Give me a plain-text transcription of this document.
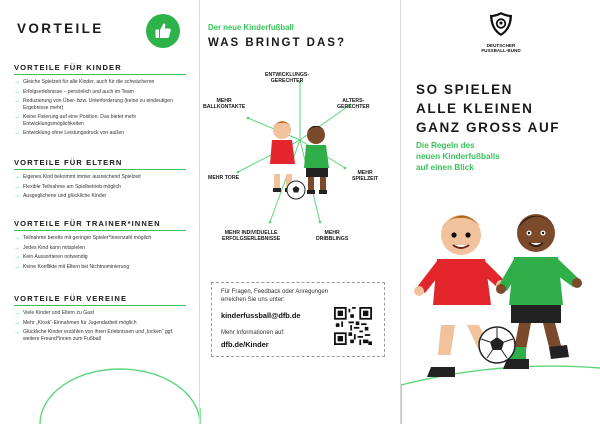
VORTEILE
VORTEILE FÜR KINDER
→ Gleiche Spielzeit für alle Kinder, auch für die schwächeren
→ Erfolgserlebnisse – persönlich und auch im Team
→ Reduzierung von Über- bzw. Unterforderung (keine zu eindeutigen Ergebnisse mehr)
→ Keine Fixierung auf eine Position. Das bietet mehr Entwicklungsmöglichkeiten
→ Entwicklung ohne Leistungsdruck von außen
VORTEILE FÜR ELTERN
→ Eigenes Kind bekommt immer ausreichend Spielzeit
→ Flexible Teilnahme am Spielbetrieb möglich
→ Ausgeglichene und glückliche Kinder
VORTEILE FÜR TRAINER*INNEN
→ Teilnahme bereits mit geringer Spieler*innenzahl möglich
→ Jedes Kind kann mitspielen
→ Kein Aussortieren notwendig
→ Keine Konflikte mit Eltern bei Nichtnominierung
VORTEILE FÜR VEREINE
→ Viele Kinder und Eltern zu Gast
→ Mehr „Kiosk“-Einnahmen für Jugendarbeit möglich
→ Glückliche Kinder erzählen von ihren Erlebnissen und „locken“ ggf. weitere Freund*innen zum Fußball
Der neue Kinderfußball
WAS BRINGT DAS?
ENTWICKLUNGS-
GERECHTER
MEHR
BALLKONTAKTE
ALTERS-
GERECHTER
MEHR TORE
MEHR
SPIELZEIT
MEHR INDIVIDUELLE
ERFOLGSERLEBNISSE
MEHR
DRIBBLINGS
Für Fragen, Feedback oder Anregungen erreichen Sie uns unter:
kinderfussball@dfb.de
Mehr Informationen auf:
dfb.de/Kinder
DEUTSCHER
FUSSBALL-BUND
SO SPIELEN
ALLE KLEINEN
GANZ GROSS AUF
Die Regeln des
neuen Kinderfußballs
auf einen Blick
